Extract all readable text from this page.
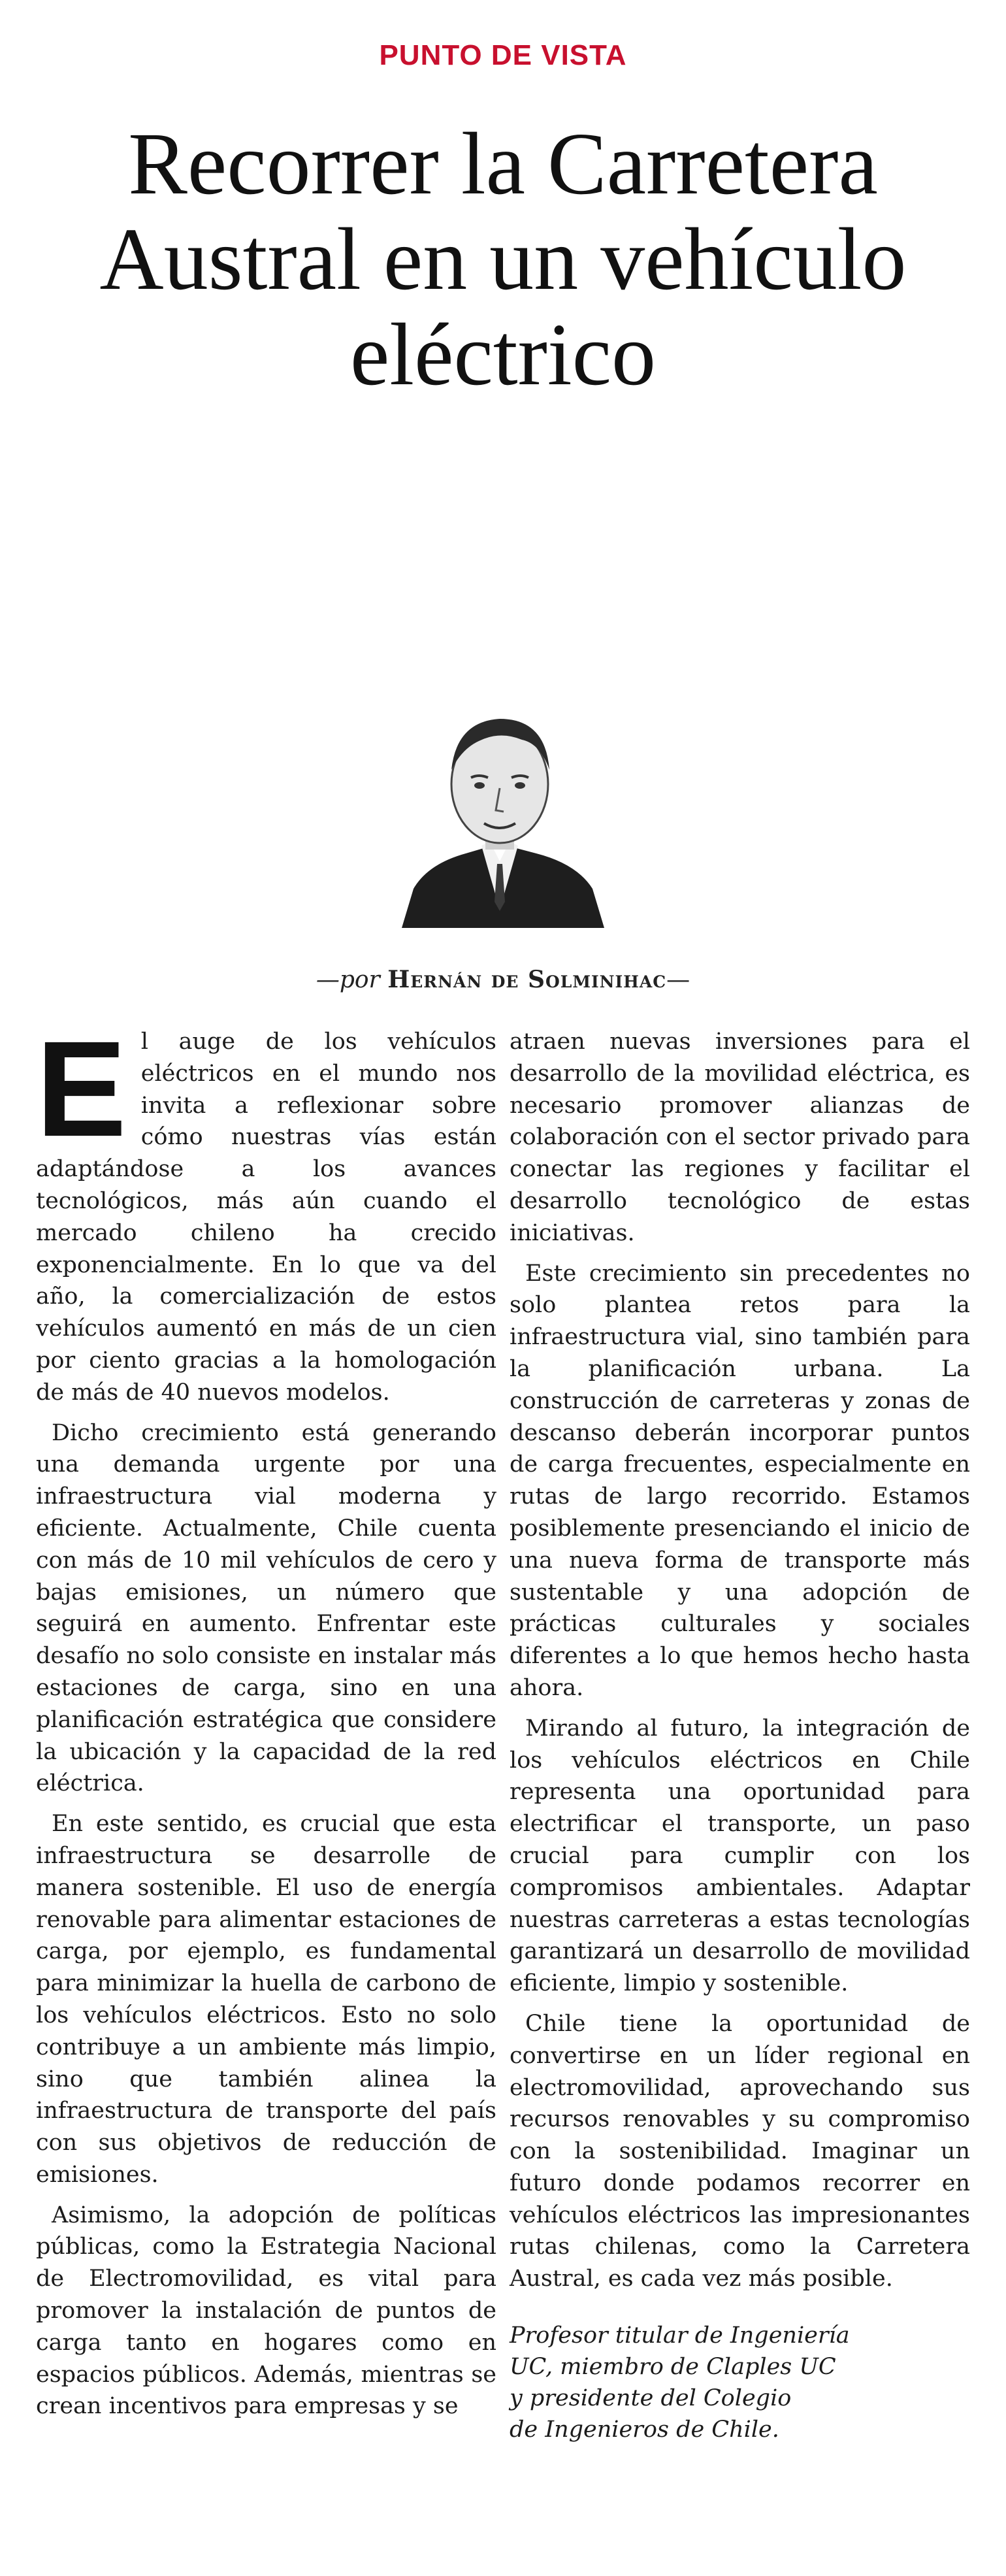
PUNTO DE VISTA
Recorrer la Carretera Austral en un vehículo eléctrico
—por Hernán de Solminihac—
E l auge de los vehículos eléctricos en el mundo nos invita a reflexionar sobre cómo nuestras vías están adaptándose a los avances tecnológicos, más aún cuando el mercado chileno ha crecido exponencialmente. En lo que va del año, la comercialización de estos vehículos aumentó en más de un cien por ciento gracias a la homologación de más de 40 nuevos modelos.

Dicho crecimiento está generando una demanda urgente por una infraestructura vial moderna y eficiente. Actualmente, Chile cuenta con más de 10 mil vehículos de cero y bajas emisiones, un número que seguirá en aumento. Enfrentar este desafío no solo consiste en instalar más estaciones de carga, sino en una planificación estratégica que considere la ubicación y la capacidad de la red eléctrica.

En este sentido, es crucial que esta infraestructura se desarrolle de manera sostenible. El uso de energía renovable para alimentar estaciones de carga, por ejemplo, es fundamental para minimizar la huella de carbono de los vehículos eléctricos. Esto no solo contribuye a un ambiente más limpio, sino que también alinea la infraestructura de transporte del país con sus objetivos de reducción de emisiones.

Asimismo, la adopción de políticas públicas, como la Estrategia Nacional de Electromovilidad, es vital para promover la instalación de puntos de carga tanto en hogares como en espacios públicos. Además, mientras se crean incentivos para empresas y se

atraen nuevas inversiones para el desarrollo de la movilidad eléctrica, es necesario promover alianzas de colaboración con el sector privado para conectar las regiones y facilitar el desarrollo tecnológico de estas iniciativas.

Este crecimiento sin precedentes no solo plantea retos para la infraestructura vial, sino también para la planificación urbana. La construcción de carreteras y zonas de descanso deberán incorporar puntos de carga frecuentes, especialmente en rutas de largo recorrido. Estamos posiblemente presenciando el inicio de una nueva forma de transporte más sustentable y una adopción de prácticas culturales y sociales diferentes a lo que hemos hecho hasta ahora.

Mirando al futuro, la integración de los vehículos eléctricos en Chile representa una oportunidad para electrificar el transporte, un paso crucial para cumplir con los compromisos ambientales. Adaptar nuestras carreteras a estas tecnologías garantizará un desarrollo de movilidad eficiente, limpio y sostenible.

Chile tiene la oportunidad de convertirse en un líder regional en electromovilidad, aprovechando sus recursos renovables y su compromiso con la sostenibilidad. Imaginar un futuro donde podamos recorrer en vehículos eléctricos las impresionantes rutas chilenas, como la Carretera Austral, es cada vez más posible.

Profesor titular de Ingeniería
UC, miembro de Claples UC
y presidente del Colegio
de Ingenieros de Chile.
